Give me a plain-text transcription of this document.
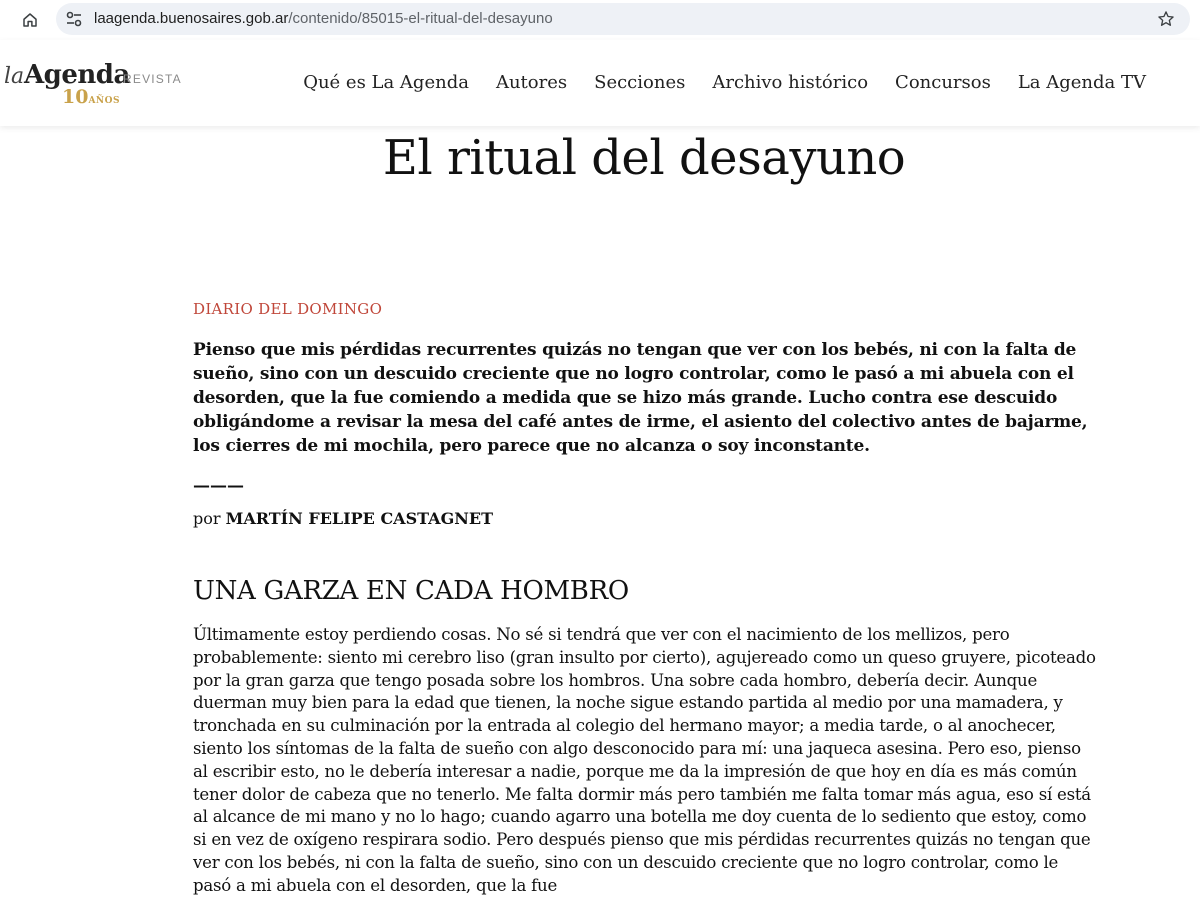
laagenda.buenosaires.gob.ar/contenido/85015-el-ritual-del-desayuno
la Agenda
REVISTA
10AÑOS
Qué es La Agenda Autores Secciones Archivo histórico Concursos La Agenda TV
El ritual del desayuno
DIARIO DEL DOMINGO

Pienso que mis pérdidas recurrentes quizás no tengan que ver con los bebés, ni con la falta de sueño, sino con un descuido creciente que no logro controlar, como le pasó a mi abuela con el desorden, que la fue comiendo a medida que se hizo más grande. Lucho contra ese descuido obligándome a revisar la mesa del café antes de irme, el asiento del colectivo antes de bajarme, los cierres de mi mochila, pero parece que no alcanza o soy inconstante.

———
por MARTÍN FELIPE CASTAGNET
UNA GARZA EN CADA HOMBRO

Últimamente estoy perdiendo cosas. No sé si tendrá que ver con el nacimiento de los mellizos, pero probablemente: siento mi cerebro liso (gran insulto por cierto), agujereado como un queso gruyere, picoteado por la gran garza que tengo posada sobre los hombros. Una sobre cada hombro, debería decir. Aunque duerman muy bien para la edad que tienen, la noche sigue estando partida al medio por una mamadera, y tronchada en su culminación por la entrada al colegio del hermano mayor; a media tarde, o al anochecer, siento los síntomas de la falta de sueño con algo desconocido para mí: una jaqueca asesina. Pero eso, pienso al escribir esto, no le debería interesar a nadie, porque me da la impresión de que hoy en día es más común tener dolor de cabeza que no tenerlo. Me falta dormir más pero también me falta tomar más agua, eso sí está al alcance de mi mano y no lo hago; cuando agarro una botella me doy cuenta de lo sediento que estoy, como si en vez de oxígeno respirara sodio. Pero después pienso que mis pérdidas recurrentes quizás no tengan que ver con los bebés, ni con la falta de sueño, sino con un descuido creciente que no logro controlar, como le pasó a mi abuela con el desorden, que la fue
